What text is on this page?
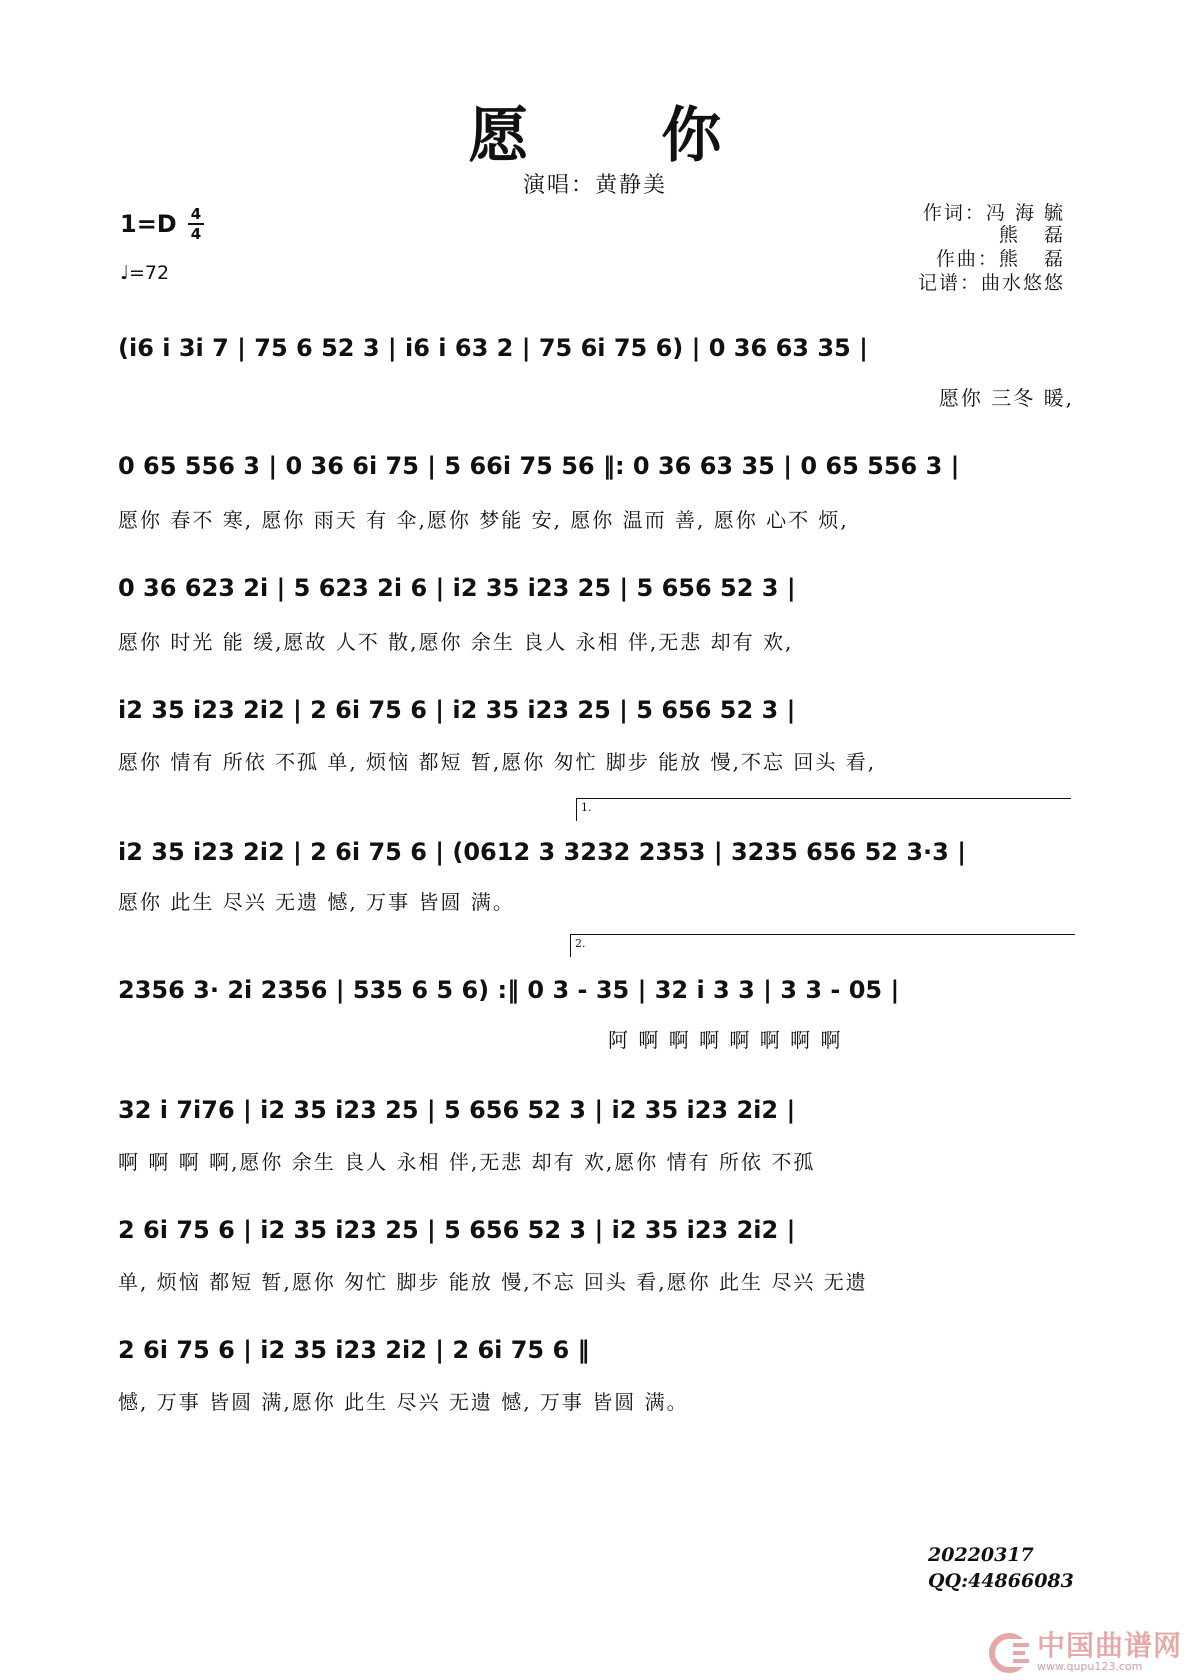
愿 你
演唱：黄静美
1=D 4
4
♩=72
作词：冯 海 毓
熊   磊
作曲：熊   磊
记谱：曲水悠悠
(i6 i 3i 7 | 75 6 52 3 | i6 i 63 2 | 75 6i 75 6) | 0 36 63 35 |
愿你 三冬 暖,
0 65 556 3 | 0 36 6i 75 | 5 66i 75 56 ‖: 0 36 63 35 | 0 65 556 3 |
愿你 春不 寒, 愿你 雨天 有 伞,愿你 梦能 安, 愿你 温而 善, 愿你 心不 烦,
0 36 623 2i | 5 623 2i 6 | i2 35 i23 25 | 5 656 52 3 |
愿你 时光 能 缓,愿故 人不 散,愿你 余生 良人 永相 伴,无悲 却有 欢,
i2 35 i23 2i2 | 2 6i 75 6 | i2 35 i23 25 | 5 656 52 3 |
愿你 情有 所依 不孤 单, 烦恼 都短 暂,愿你 匆忙 脚步 能放 慢,不忘 回头 看,
1.
i2 35 i23 2i2 | 2 6i 75 6 | (0612 3 3232 2353 | 3235 656 52 3·3 |
愿你 此生 尽兴 无遗 憾, 万事 皆圆 满。
2.
2356 3· 2i 2356 | 535 6 5 6) :‖ 0 3 - 35 | 32 i 3 3 | 3 3 - 05 |
阿 啊 啊 啊 啊 啊 啊 啊
32 i 7i76 | i2 35 i23 25 | 5 656 52 3 | i2 35 i23 2i2 |
啊 啊 啊 啊,愿你 余生 良人 永相 伴,无悲 却有 欢,愿你 情有 所依 不孤
2 6i 75 6 | i2 35 i23 25 | 5 656 52 3 | i2 35 i23 2i2 |
单, 烦恼 都短 暂,愿你 匆忙 脚步 能放 慢,不忘 回头 看,愿你 此生 尽兴 无遗
2 6i 75 6 | i2 35 i23 2i2 | 2 6i 75 6 ‖
憾, 万事 皆圆 满,愿你 此生 尽兴 无遗 憾, 万事 皆圆 满。
20220317
QQ:44866083
中国曲谱网
www.qupu123.com
